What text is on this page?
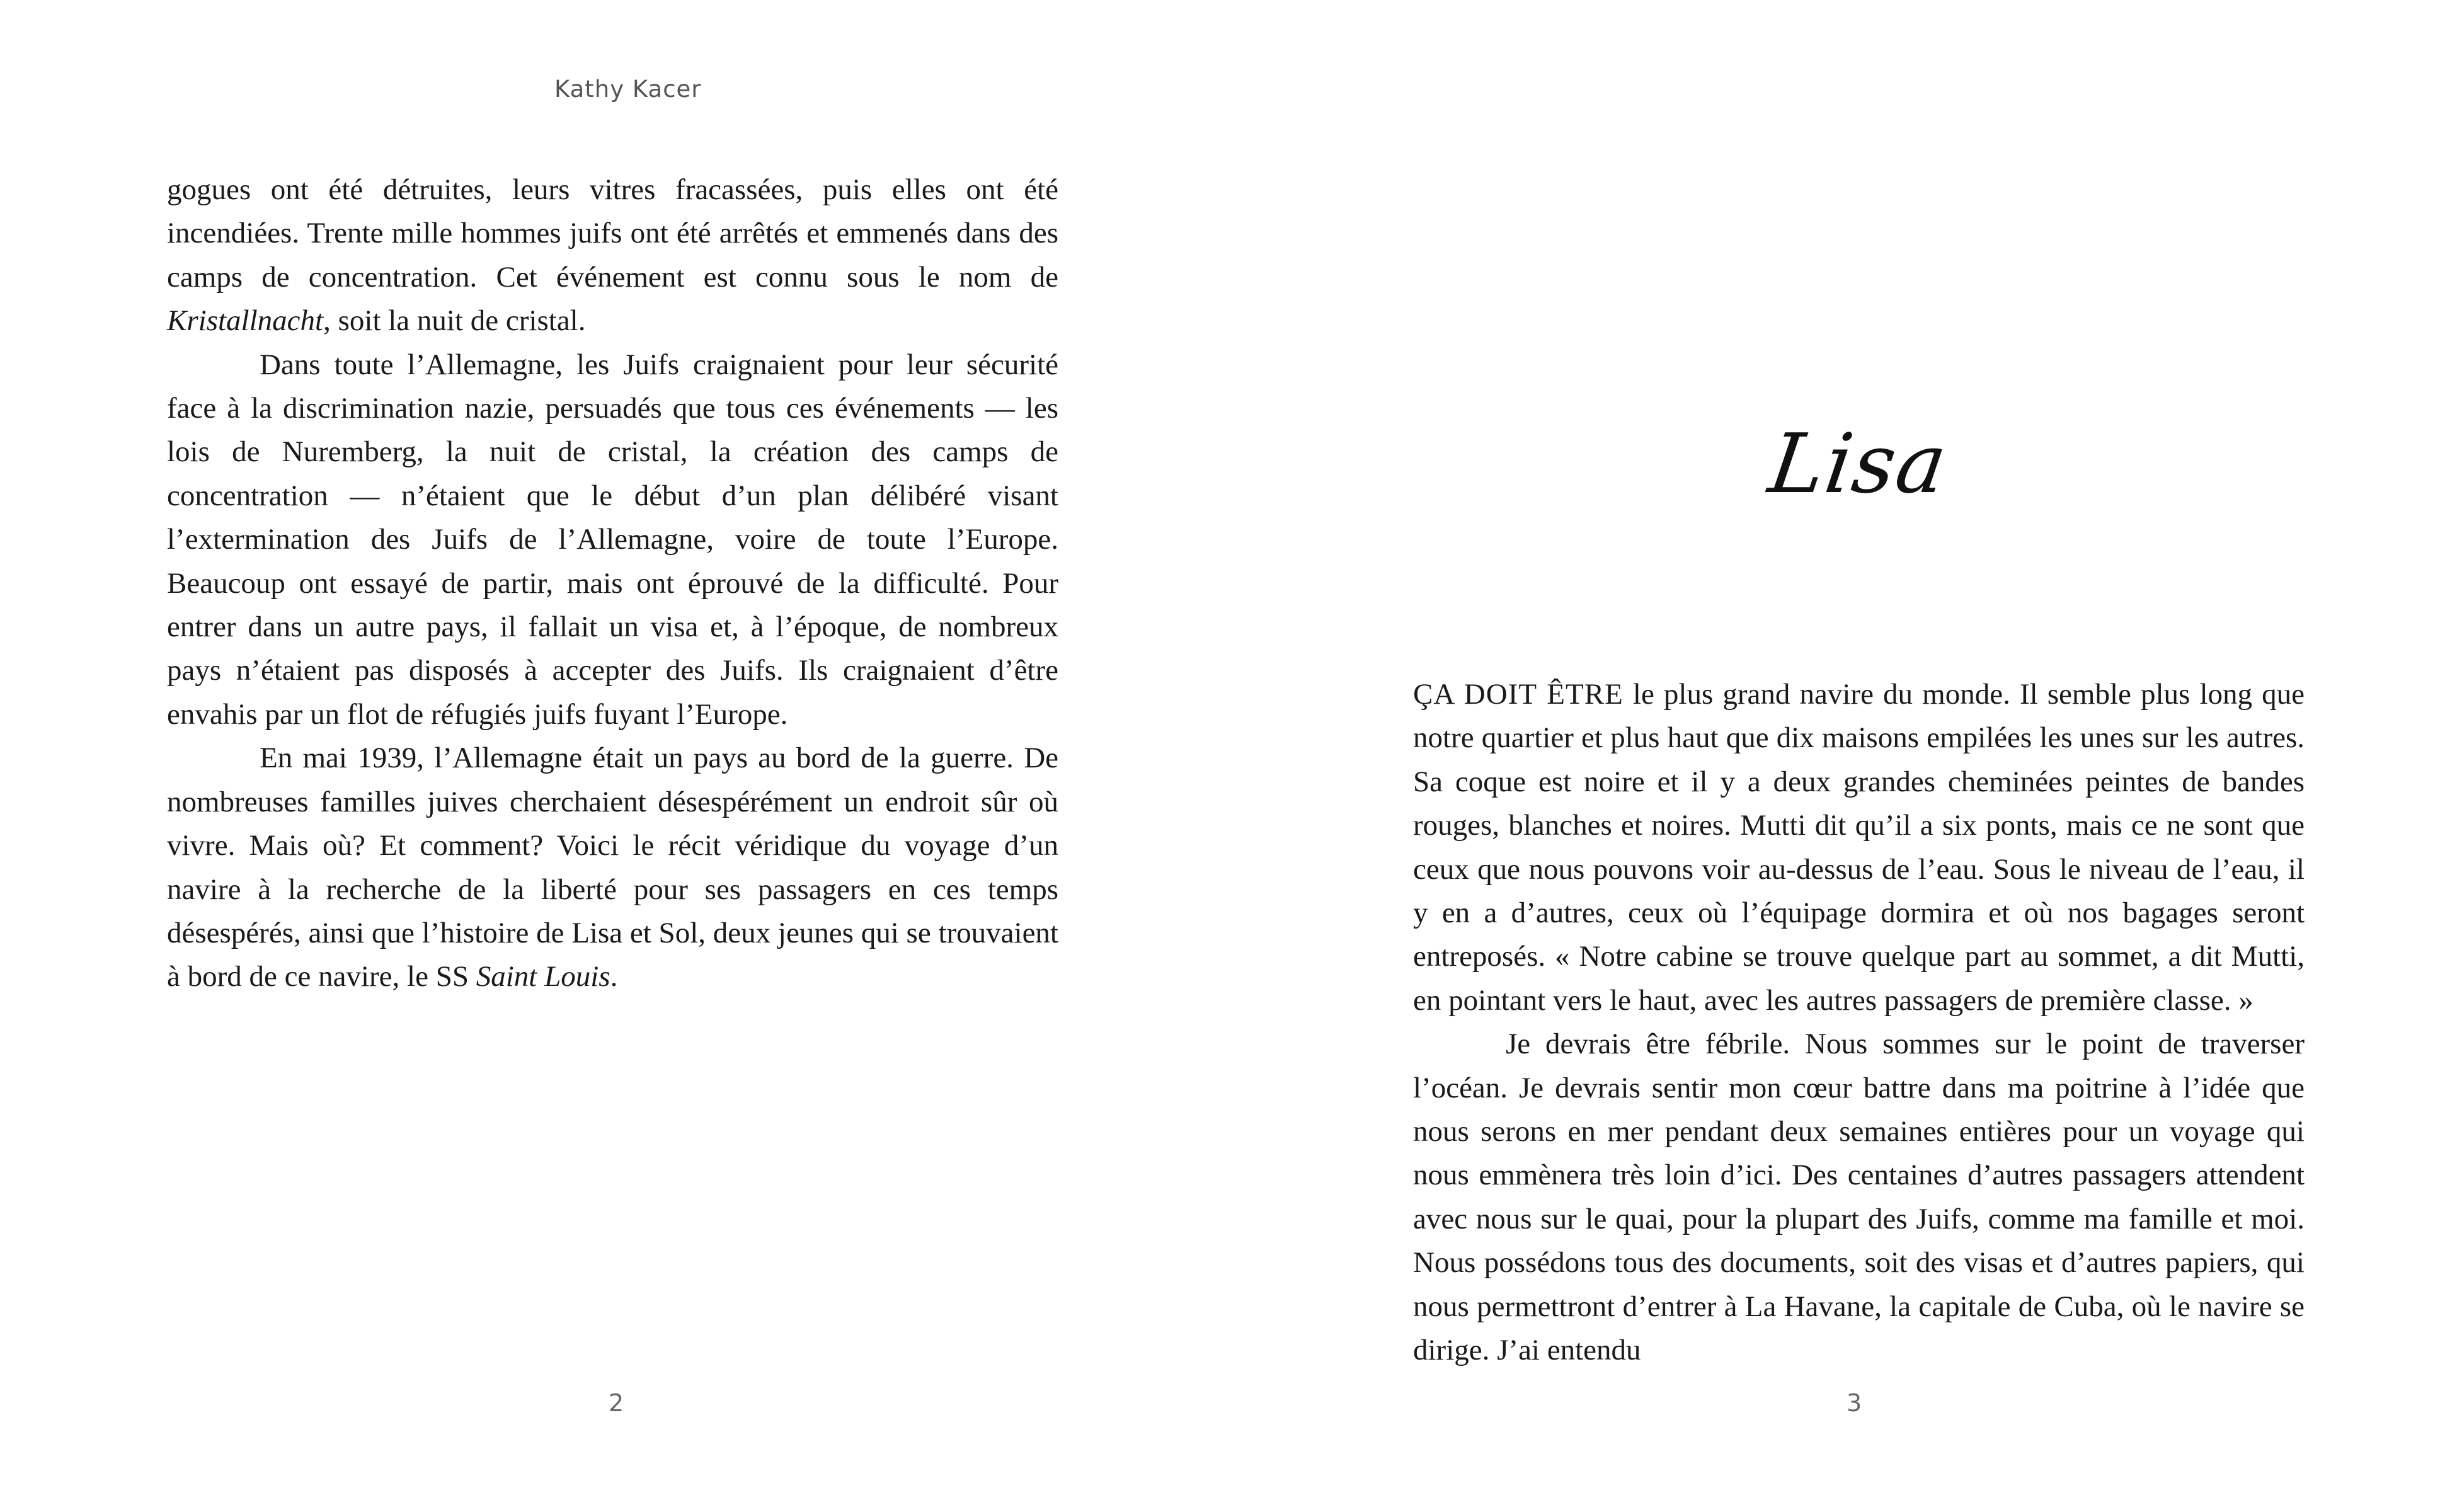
Kathy Kacer

gogues ont été détruites, leurs vitres fracassées, puis elles ont été incendiées. Trente mille hommes juifs ont été arrêtés et emmenés dans des camps de concentration. Cet événement est connu sous le nom de Kristallnacht, soit la nuit de cristal.

Dans toute l’Allemagne, les Juifs craignaient pour leur sécurité face à la discrimination nazie, persuadés que tous ces événements — les lois de Nuremberg, la nuit de cristal, la création des camps de concentration — n’étaient que le début d’un plan délibéré visant l’extermination des Juifs de l’Allemagne, voire de toute l’Europe. Beaucoup ont essayé de partir, mais ont éprouvé de la difficulté. Pour entrer dans un autre pays, il fallait un visa et, à l’époque, de nombreux pays n’étaient pas disposés à accepter des Juifs. Ils craignaient d’être envahis par un flot de réfugiés juifs fuyant l’Europe.

En mai 1939, l’Allemagne était un pays au bord de la guerre. De nombreuses familles juives cherchaient désespérément un endroit sûr où vivre. Mais où? Et comment? Voici le récit véridique du voyage d’un navire à la recherche de la liberté pour ses passagers en ces temps désespérés, ainsi que l’histoire de Lisa et Sol, deux jeunes qui se trouvaient à bord de ce navire, le SS Saint Louis.

2
Lisa

ÇA DOIT ÊTRE le plus grand navire du monde. Il semble plus long que notre quartier et plus haut que dix maisons empilées les unes sur les autres. Sa coque est noire et il y a deux grandes cheminées peintes de bandes rouges, blanches et noires. Mutti dit qu’il a six ponts, mais ce ne sont que ceux que nous pouvons voir au-dessus de l’eau. Sous le niveau de l’eau, il y en a d’autres, ceux où l’équipage dormira et où nos bagages seront entreposés. « Notre cabine se trouve quelque part au sommet, a dit Mutti, en pointant vers le haut, avec les autres passagers de première classe. »

Je devrais être fébrile. Nous sommes sur le point de traverser l’océan. Je devrais sentir mon cœur battre dans ma poitrine à l’idée que nous serons en mer pendant deux semaines entières pour un voyage qui nous emmènera très loin d’ici. Des centaines d’autres passagers attendent avec nous sur le quai, pour la plupart des Juifs, comme ma famille et moi. Nous possédons tous des documents, soit des visas et d’autres papiers, qui nous permettront d’entrer à La Havane, la capitale de Cuba, où le navire se dirige. J’ai entendu

3
